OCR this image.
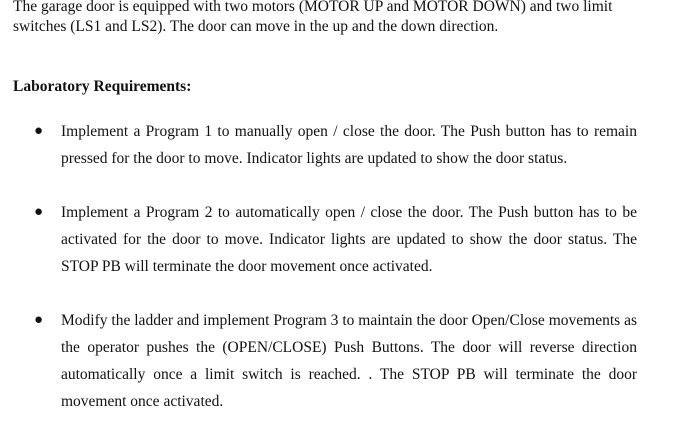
The garage door is equipped with two motors (MOTOR UP and MOTOR DOWN) and two limit switches (LS1 and LS2). The door can move in the up and the down direction.

Laboratory Requirements:

● Implement a Program 1 to manually open / close the door. The Push button has to remain pressed for the door to move. Indicator lights are updated to show the door status.

● Implement a Program 2 to automatically open / close the door. The Push button has to be activated for the door to move. Indicator lights are updated to show the door status. The STOP PB will terminate the door movement once activated.

● Modify the ladder and implement Program 3 to maintain the door Open/Close movements as the operator pushes the (OPEN/CLOSE) Push Buttons. The door will reverse direction automatically once a limit switch is reached. . The STOP PB will terminate the door movement once activated.
